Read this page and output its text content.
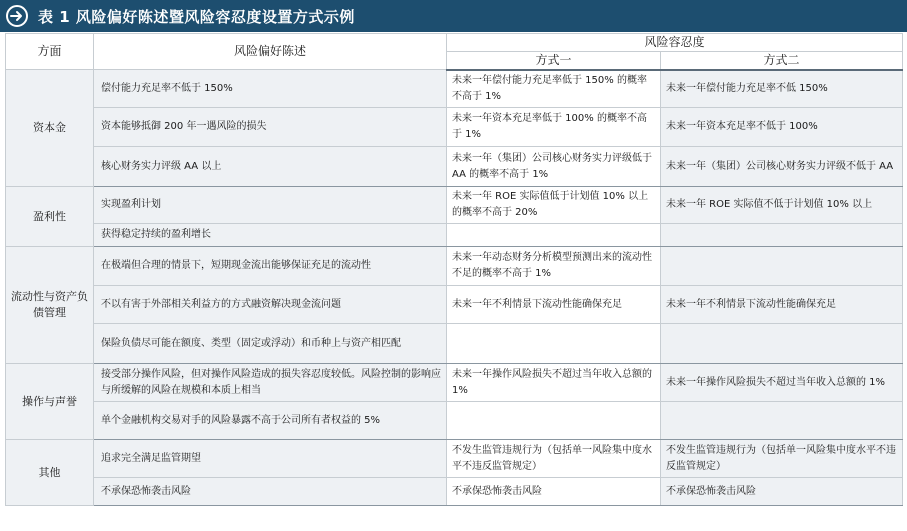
表 1 风险偏好陈述暨风险容忍度设置方式示例
方面	风险偏好陈述	风险容忍度	
		方式一	方式二
资本金	偿付能力充足率不低于 150%	未来一年偿付能力充足率低于 150% 的概率不高于 1%	未来一年偿付能力充足率不低 150%
	资本能够抵御 200 年一遇风险的损失	未来一年资本充足率低于 100% 的概率不高于 1%	未来一年资本充足率不低于 100%
	核心财务实力评级 AA 以上	未来一年（集团）公司核心财务实力评级低于 AA 的概率不高于 1%	未来一年（集团）公司核心财务实力评级不低于 AA
盈利性	实现盈利计划	未来一年 ROE 实际值低于计划值 10% 以上的概率不高于 20%	未来一年 ROE 实际值不低于计划值 10% 以上
	获得稳定持续的盈利增长		
流动性与资产负债管理	在极端但合理的情景下，短期现金流出能够保证充足的流动性	未来一年动态财务分析模型预测出来的流动性不足的概率不高于 1%	
	不以有害于外部相关利益方的方式融资解决现金流问题	未来一年不利情景下流动性能确保充足	未来一年不利情景下流动性能确保充足
	保险负债尽可能在额度、类型（固定或浮动）和币种上与资产相匹配		
操作与声誉	接受部分操作风险，但对操作风险造成的损失容忍度较低。风险控制的影响应与所缓解的风险在规模和本质上相当	未来一年操作风险损失不超过当年收入总额的 1%	未来一年操作风险损失不超过当年收入总额的 1%
	单个金融机构交易对手的风险暴露不高于公司所有者权益的 5%		
其他	追求完全满足监管期望	不发生监管违规行为（包括单一风险集中度水平不违反监管规定）	不发生监管违规行为（包括单一风险集中度水平不违反监管规定）
	不承保恐怖袭击风险	不承保恐怖袭击风险	不承保恐怖袭击风险
